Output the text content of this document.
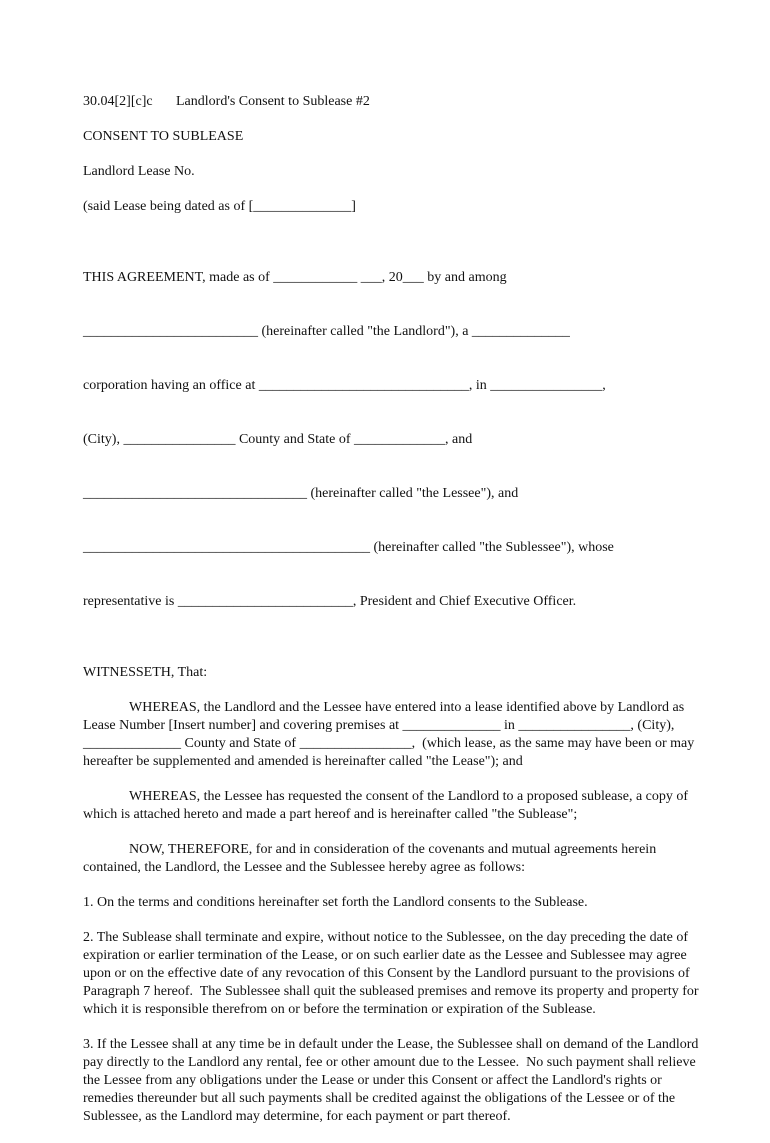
30.04[2][c]c Landlord's Consent to Sublease #2
CONSENT TO SUBLEASE
Landlord Lease No.
(said Lease being dated as of [______________]

THIS AGREEMENT, made as of ____________ ___, 20___ by and among

_________________________ (hereinafter called "the Landlord"), a ______________

corporation having an office at ______________________________, in ________________,

(City), ________________ County and State of _____________, and

________________________________ (hereinafter called "the Lessee"), and

_________________________________________ (hereinafter called "the Sublessee"), whose

representative is _________________________, President and Chief Executive Officer.

WITNESSETH, That:
WHEREAS, the Landlord and the Lessee have entered into a lease identified above by Landlord as Lease Number [Insert number] and covering premises at ______________ in ________________, (City), ______________ County and State of ________________,  (which lease, as the same may have been or may hereafter be supplemented and amended is hereinafter called "the Lease"); and
WHEREAS, the Lessee has requested the consent of the Landlord to a proposed sublease, a copy of which is attached hereto and made a part hereof and is hereinafter called "the Sublease";
NOW, THEREFORE, for and in consideration of the covenants and mutual agreements herein contained, the Landlord, the Lessee and the Sublessee hereby agree as follows:
1. On the terms and conditions hereinafter set forth the Landlord consents to the Sublease.
2. The Sublease shall terminate and expire, without notice to the Sublessee, on the day preceding the date of expiration or earlier termination of the Lease, or on such earlier date as the Lessee and Sublessee may agree upon or on the effective date of any revocation of this Consent by the Landlord pursuant to the provisions of Paragraph 7 hereof.  The Sublessee shall quit the subleased premises and remove its property and property for which it is responsible therefrom on or before the termination or expiration of the Sublease.
3. If the Lessee shall at any time be in default under the Lease, the Sublessee shall on demand of the Landlord pay directly to the Landlord any rental, fee or other amount due to the Lessee.  No such payment shall relieve the Lessee from any obligations under the Lease or under this Consent or affect the Landlord's rights or remedies thereunder but all such payments shall be credited against the obligations of the Lessee or of the Sublessee, as the Landlord may determine, for each payment or part thereof.
